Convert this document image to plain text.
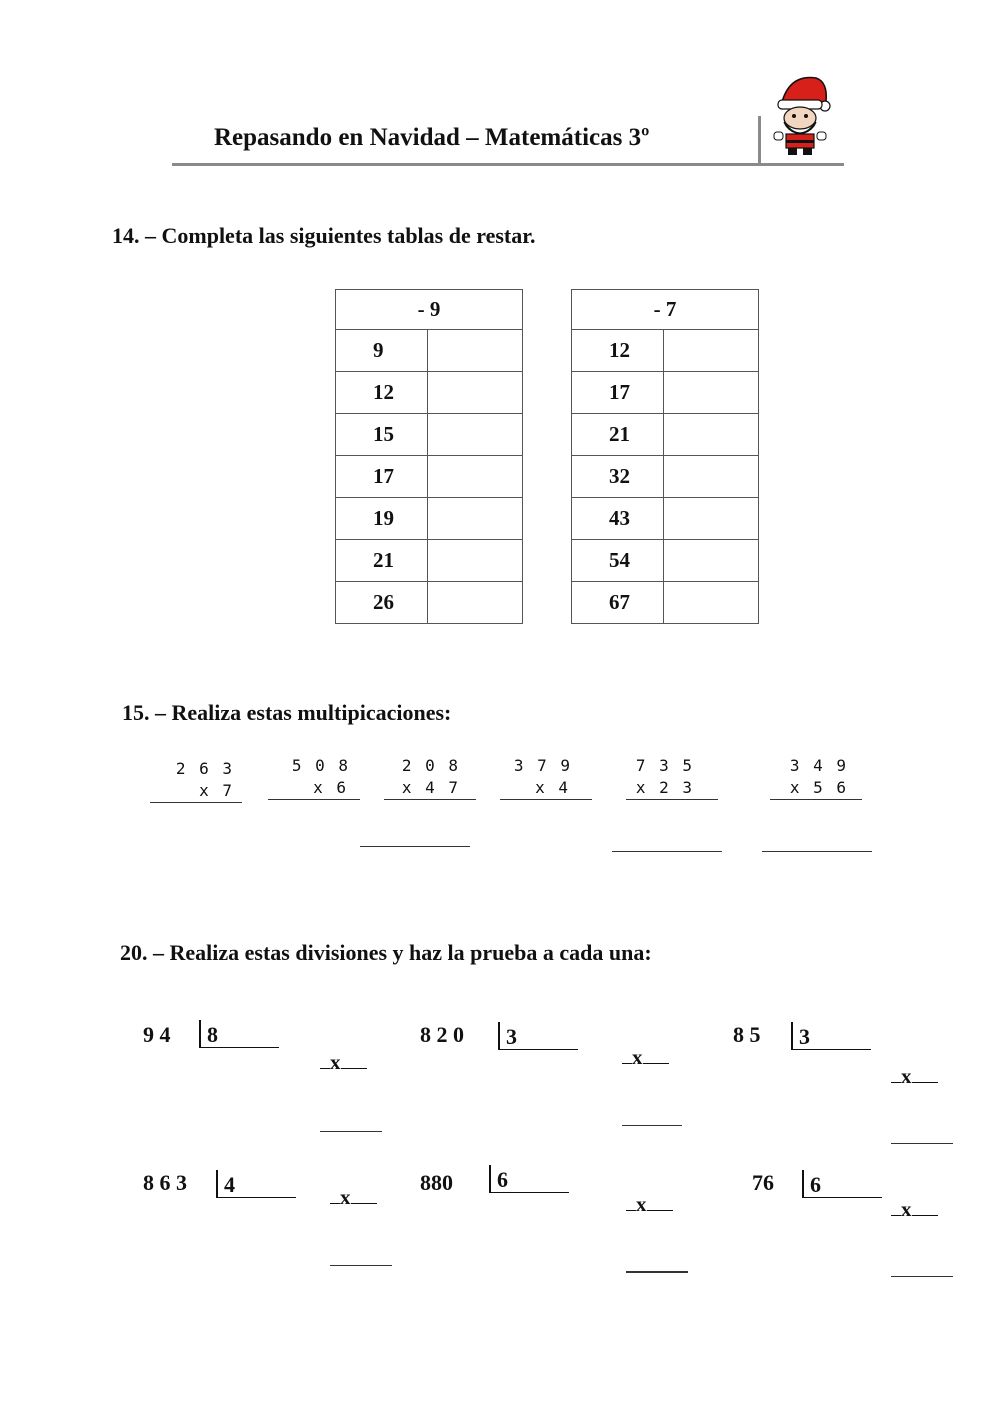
Repasando en Navidad – Matemáticas 3º
14. – Completa las siguientes tablas de restar.
- 9	
9	
12	
15	
17	
19	
21	
26	
- 7	
12	
17	
21	
32	
43	
54	
67	
15. – Realiza estas multipicaciones:
2 6 3
x 7
5 0 8
x 6
2 0 8
x 4 7
3 7 9
x 4
7 3 5
x 2 3
3 4 9
x 5 6
20. – Realiza estas divisiones y haz la prueba a cada una:
9 4	8
x
8 2 0	3
x
8 5	3
x
8 6 3	4	x
880	6
x
76	6
x
